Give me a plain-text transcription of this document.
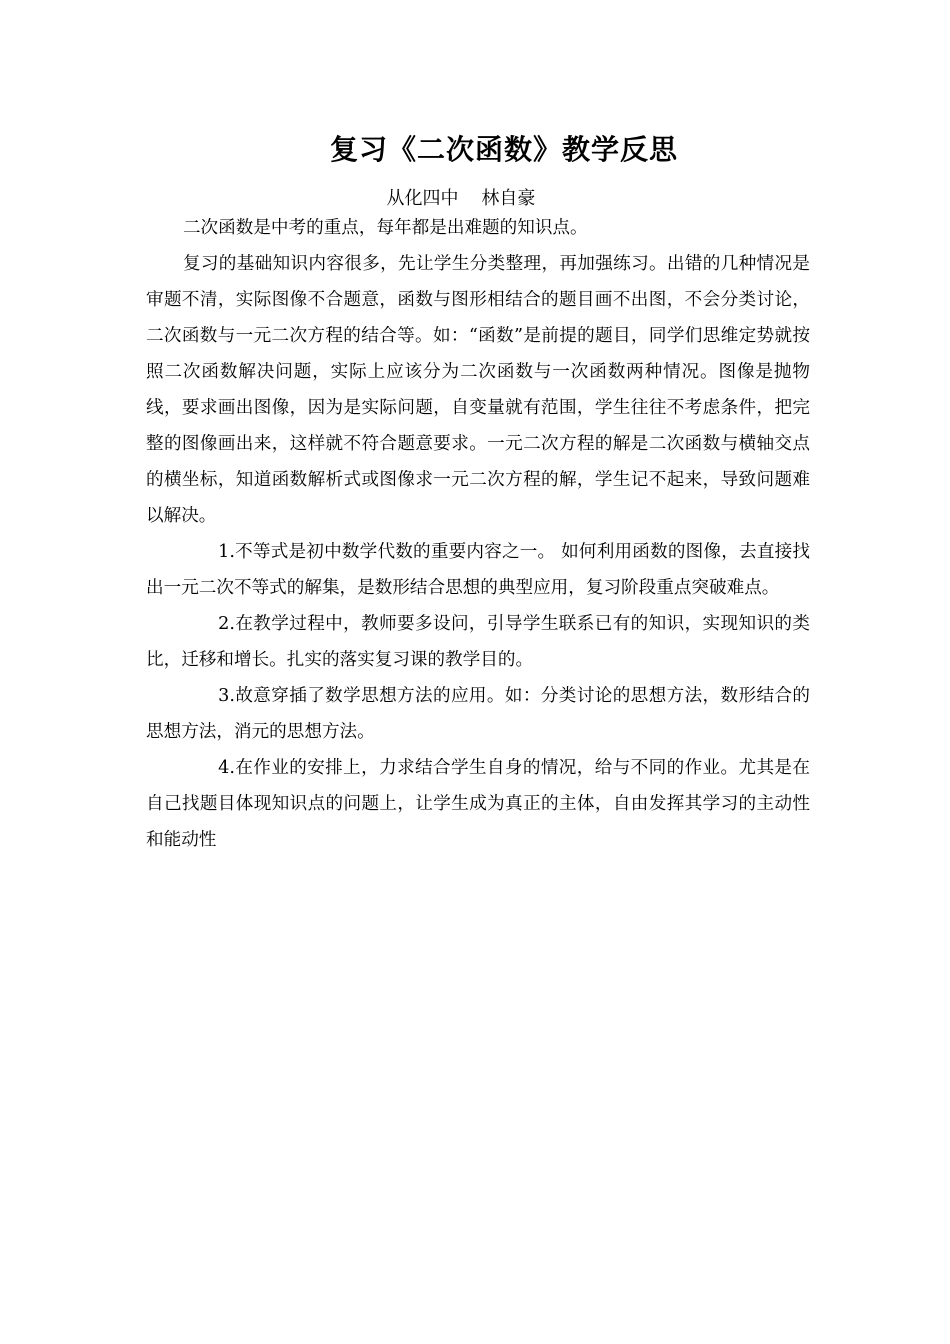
复习《二次函数》教学反思
从化四中    林自豪

二次函数是中考的重点，每年都是出难题的知识点。

复习的基础知识内容很多，先让学生分类整理，再加强练习。出错的几种情况是审题不清，实际图像不合题意，函数与图形相结合的题目画不出图，不会分类讨论，二次函数与一元二次方程的结合等。如：“函数”是前提的题目，同学们思维定势就按照二次函数解决问题，实际上应该分为二次函数与一次函数两种情况。图像是抛物线，要求画出图像，因为是实际问题，自变量就有范围，学生往往不考虑条件，把完整的图像画出来，这样就不符合题意要求。一元二次方程的解是二次函数与横轴交点的横坐标，知道函数解析式或图像求一元二次方程的解，学生记不起来，导致问题难以解决。

1.不等式是初中数学代数的重要内容之一。 如何利用函数的图像，去直接找出一元二次不等式的解集，是数形结合思想的典型应用，复习阶段重点突破难点。

2.在教学过程中，教师要多设问，引导学生联系已有的知识，实现知识的类比，迁移和增长。扎实的落实复习课的教学目的。

3.故意穿插了数学思想方法的应用。如：分类讨论的思想方法，数形结合的思想方法，消元的思想方法。

4.在作业的安排上，力求结合学生自身的情况，给与不同的作业。尤其是在自己找题目体现知识点的问题上，让学生成为真正的主体，自由发挥其学习的主动性和能动性
